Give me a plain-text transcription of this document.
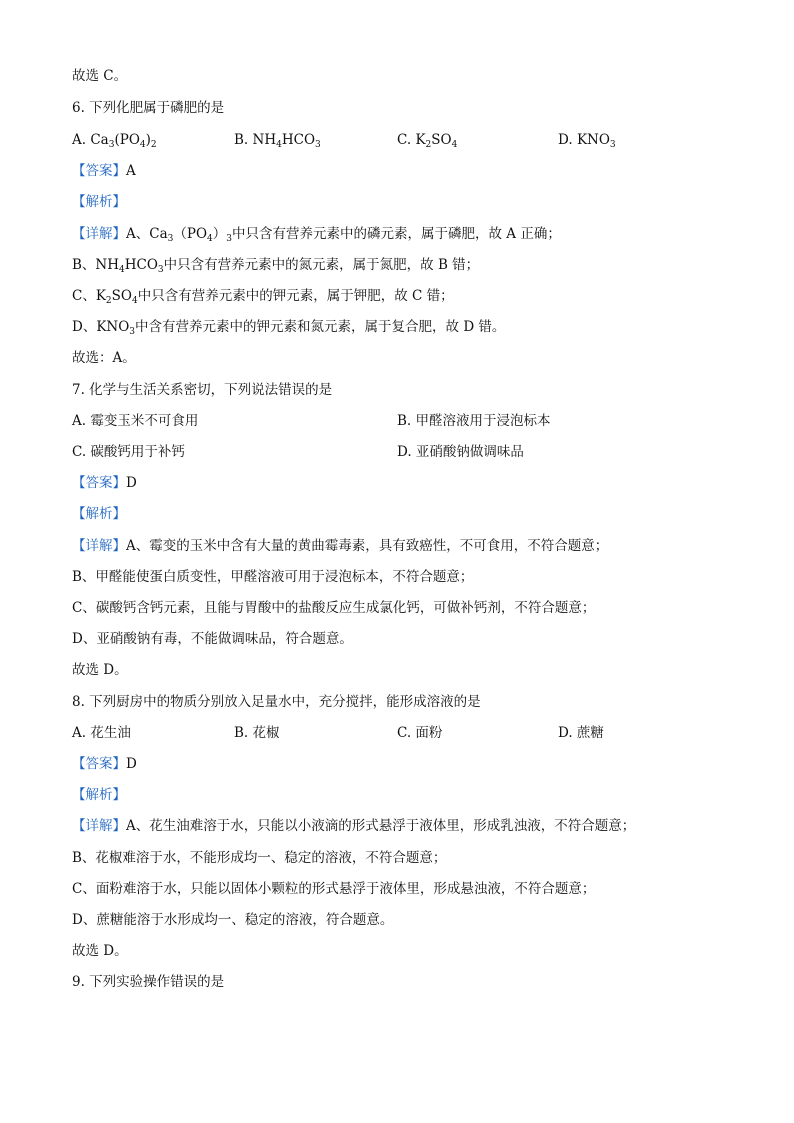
故选 C。
6. 下列化肥属于磷肥的是
A. $Ca_3(PO_4)_2$	B. $NH_4HCO_3$	C. $K_2SO_4$	D. $KNO_3$
【答案】A
【解析】
【详解】A、$Ca_3(PO_4)_3$中只含有营养元素中的磷元素，属于磷肥，故 A 正确；
B、$NH_4HCO_3$中只含有营养元素中的氮元素，属于氮肥，故 B 错；
C、$K_2SO_4$中只含有营养元素中的钾元素，属于钾肥，故 C 错；
D、$KNO_3$中含有营养元素中的钾元素和氮元素，属于复合肥，故 D 错。
故选：A。
7. 化学与生活关系密切，下列说法错误的是
A. 霉变玉米不可食用	B. 甲醛溶液用于浸泡标本
C. 碳酸钙用于补钙	D. 亚硝酸钠做调味品
【答案】D
【解析】
【详解】A、霉变的玉米中含有大量的黄曲霉毒素，具有致癌性，不可食用，不符合题意；
B、甲醛能使蛋白质变性，甲醛溶液可用于浸泡标本，不符合题意；
C、碳酸钙含钙元素，且能与胃酸中的盐酸反应生成氯化钙，可做补钙剂，不符合题意；
D、亚硝酸钠有毒，不能做调味品，符合题意。
故选 D。
8. 下列厨房中的物质分别放入足量水中，充分搅拌，能形成溶液的是
A. 花生油	B. 花椒	C. 面粉	D. 蔗糖
【答案】D
【解析】
【详解】A、花生油难溶于水，只能以小液滴的形式悬浮于液体里，形成乳浊液，不符合题意；
B、花椒难溶于水，不能形成均一、稳定的溶液，不符合题意；
C、面粉难溶于水，只能以固体小颗粒的形式悬浮于液体里，形成悬浊液，不符合题意；
D、蔗糖能溶于水形成均一、稳定的溶液，符合题意。
故选 D。
9. 下列实验操作错误的是
